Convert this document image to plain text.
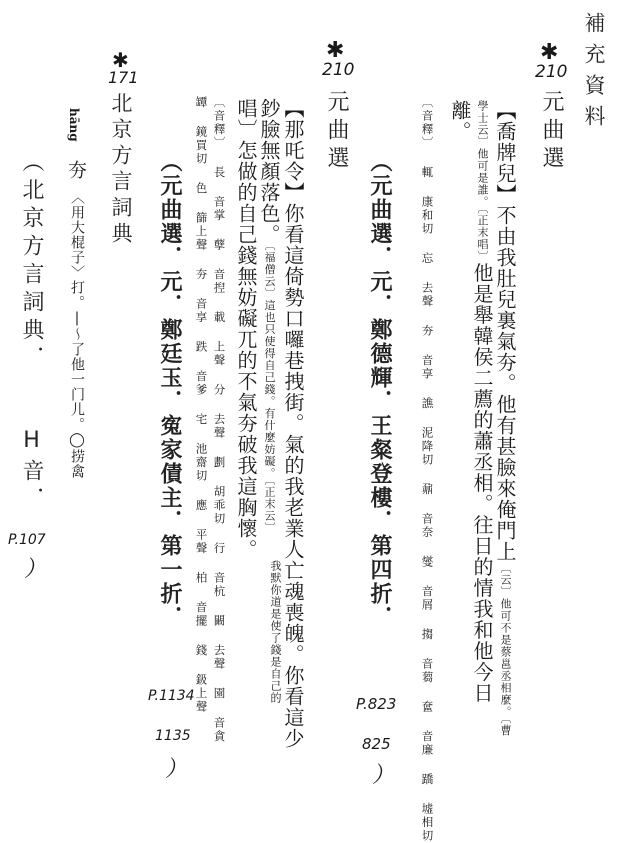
補充資料
✱
210
元曲選
【喬牌兒】不由我肚兒裏氣夯。他有甚臉來俺門上〔云〕他可不是蔡邕丞相麼。〔曹
學士云〕他可是誰。〔正末唱〕他是舉韓侯二薦的蕭丞相。往日的情我和他今日
離。
〔音釋〕 輒 康和切 忘 去聲 夯 音享 譙 泥降切 鼐 音奈 燮 音屑 搊 音蒭 奩 音廉 蹻 墟相切
（元曲選．元．鄭德輝．王粲登樓．第四折．
P.823
825
）
✱
210
元曲選
【那吒令】你看這倚勢口囉巷拽街。氣的我老業人亡魂喪魄。你看這少
鈔臉無顏落色。〔福僧云〕這也只使得自己錢。有什麼妨礙。〔正末云〕
我默你道是使了錢是自己的
唱〕怎做的自己錢無妨礙兀的不氣夯破我這胸懷。
〔音釋〕 長 音掌 孽 音揑 載 上聲 分 去聲 劃 胡乖切 行 音杭 闞 去聲 園 音貪
罈 鏡買切 色 篩上聲 夯 音享 跌 音爹 宅 池齋切 應 平聲 柏 音擺 錢 鈒上聲
（元曲選．元．鄭廷玉．寃家債主．第一折．
P.1134
1135
）
✱
171
北京方言詞典
hāng
夯
〈用大棍子〉打。|～了他一门儿。◯捞禽
（北京方言詞典．
H音．
P.107
）
